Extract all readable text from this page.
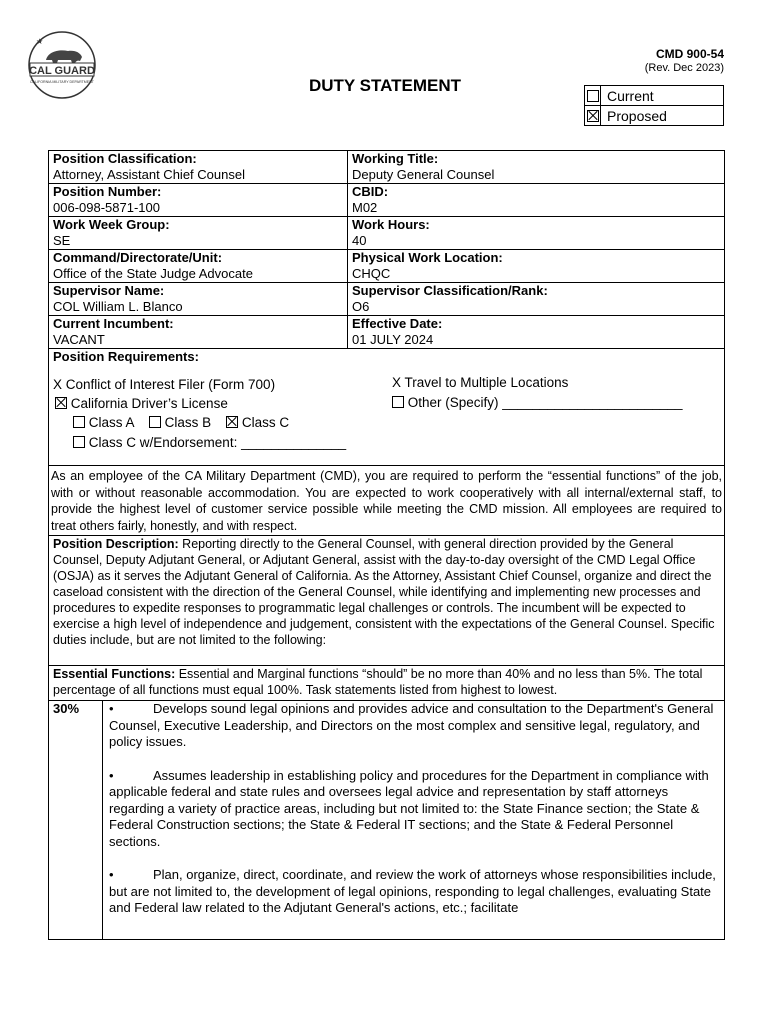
★
CAL GUARD
CALIFORNIA MILITARY DEPARTMENT	DUTY STATEMENT
CMD 900-54
(Rev. Dec 2023)
	Current
	Proposed
Position Classification:
Attorney, Assistant Chief Counsel
Working Title:
Deputy General Counsel
Position Number:
006-098-5871-100
CBID:
M02
Work Week Group:
SE
Work Hours:
40
Command/Directorate/Unit:
Office of the State Judge Advocate
Physical Work Location:
CHQC
Supervisor Name:
COL William L. Blanco
Supervisor Classification/Rank:
O6
Current Incumbent:
VACANT
Effective Date:
01 JULY 2024
Position Requirements:
X Conflict of Interest Filer (Form 700)	X Travel to Multiple Locations
California Driver’s License	Other (Specify) ________________________
Class A Class B Class C
Class C w/Endorsement: ______________
As an employee of the CA Military Department (CMD), you are required to perform the “essential functions” of the job, with or without reasonable accommodation. You are expected to work cooperatively with all internal/external staff, to provide the highest level of customer service possible while meeting the CMD mission. All employees are required to treat others fairly, honestly, and with respect.
Position Description: Reporting directly to the General Counsel, with general direction provided by the General Counsel, Deputy Adjutant General, or Adjutant General, assist with the day-to-day oversight of the CMD Legal Office (OSJA) as it serves the Adjutant General of California. As the Attorney, Assistant Chief Counsel, organize and direct the caseload consistent with the direction of the General Counsel, while identifying and implementing new processes and procedures to expedite responses to programmatic legal challenges or controls. The incumbent will be expected to exercise a high level of independence and judgement, consistent with the expectations of the General Counsel. Specific duties include, but are not limited to the following:
Essential Functions: Essential and Marginal functions “should” be no more than 40% and no less than 5%. The total percentage of all functions must equal 100%. Task statements listed from highest to lowest.
30%	•	Develops sound legal opinions and provides advice and consultation to the Department's General Counsel, Executive Leadership, and Directors on the most complex and sensitive legal, regulatory, and policy issues.

•	Assumes leadership in establishing policy and procedures for the Department in compliance with applicable federal and state rules and oversees legal advice and representation by staff attorneys regarding a variety of practice areas, including but not limited to: the State Finance section; the State & Federal Construction sections; the State & Federal IT sections; and the State & Federal Personnel sections.

•	Plan, organize, direct, coordinate, and review the work of attorneys whose responsibilities include, but are not limited to, the development of legal opinions, responding to legal challenges, evaluating State and Federal law related to the Adjutant General's actions, etc.; facilitate
